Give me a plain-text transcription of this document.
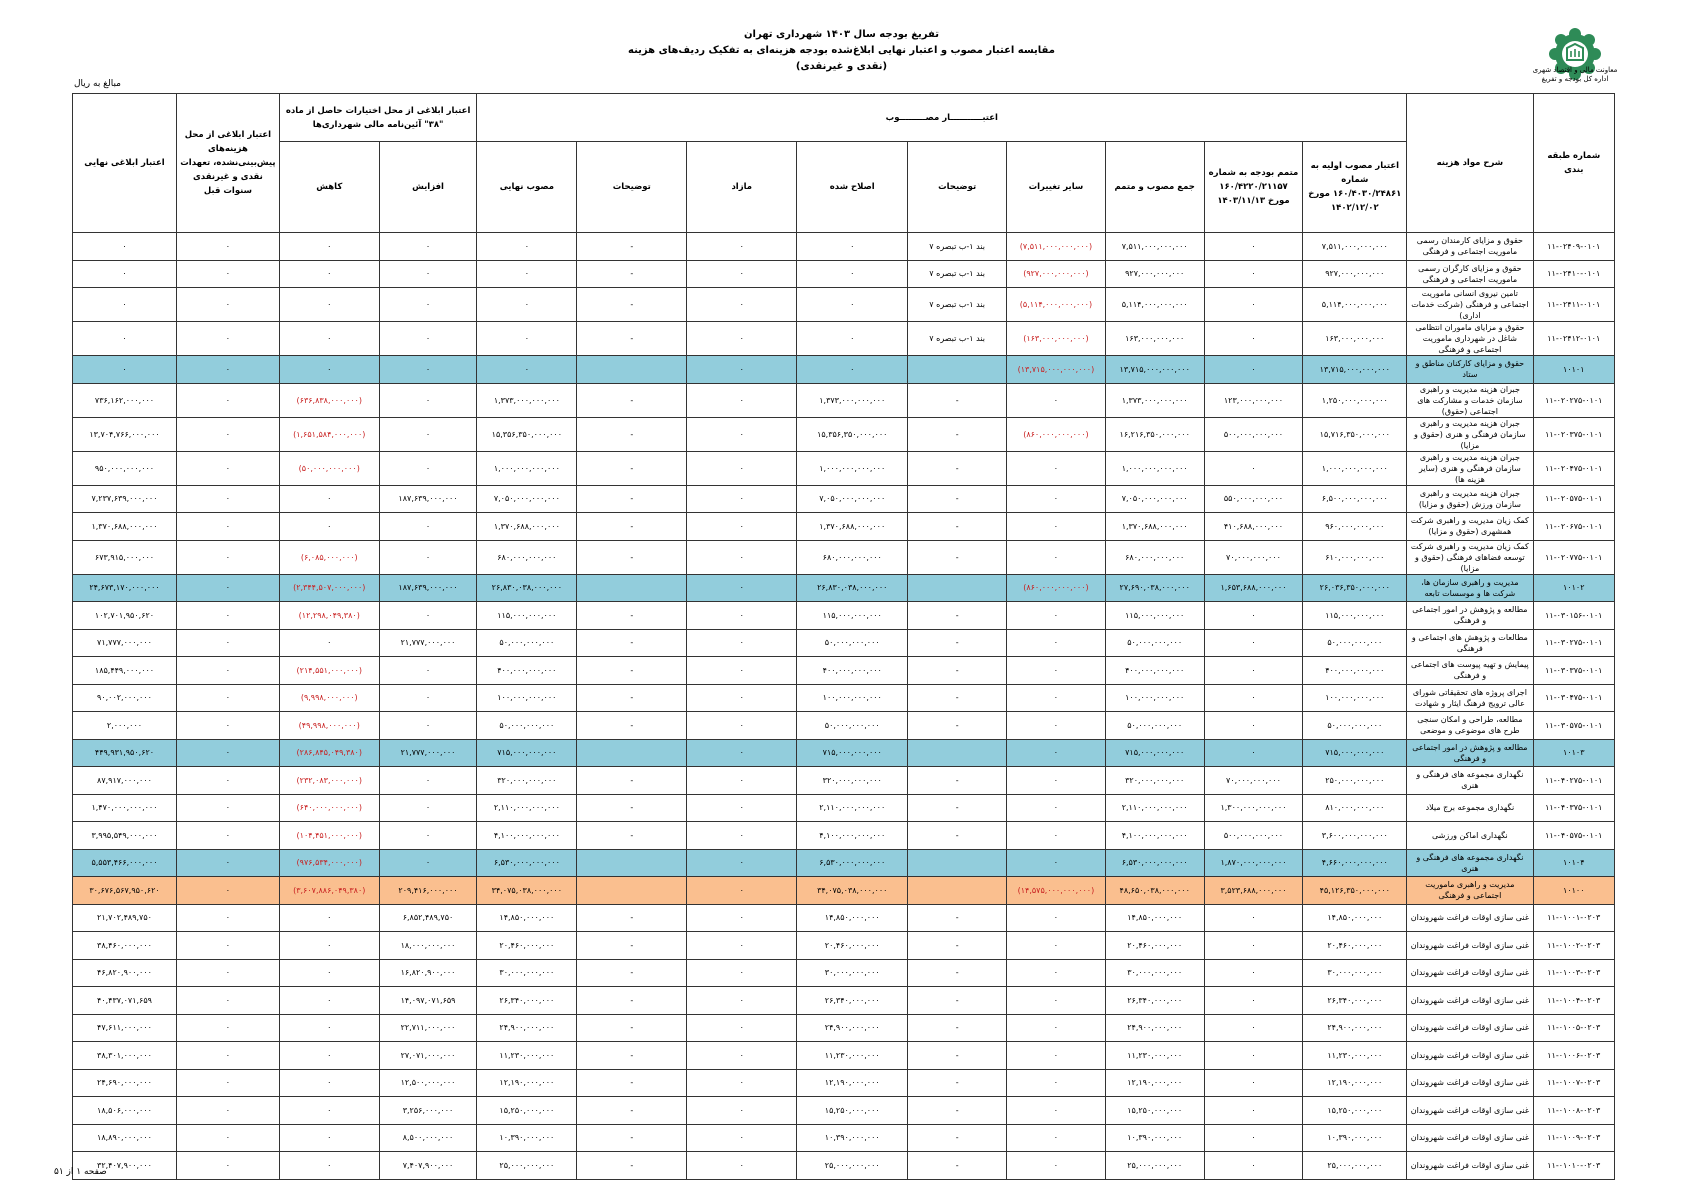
تفریغ بودجه سال ۱۴۰۳ شهرداری تهران
مقایسه اعتبار مصوب و اعتبار نهایی ابلاغ‌شده بودجه هزینه‌ای به تفکیک ردیف‌های هزینه
(نقدی و غیرنقدی)
مبالغ به ریال
معاونت مالی و اقتصاد شهری
اداره کل بودجه و تفریغ
شماره طبقه بندی	شرح مواد هزینه	اعتبـــــــــــار مصـــــــــوب									اعتبار ابلاغی از محل اختیارات حاصل از ماده "۳۸" آئین‌نامه مالی شهرداری‌ها		اعتبار ابلاغی از محل هزینه‌های پیش‌بینی‌نشده، تعهدات نقدی و غیرنقدی سنوات قبل	اعتبار ابلاغی نهایی
		اعتبار مصوب اولیه به شماره ۱۶۰/۴۰۳۰/۲۴۸۶۱ مورخ ۱۴۰۲/۱۲/۰۲	متمم بودجه به شماره ۱۶۰/۴۲۲۰/۲۱۱۵۷ مورخ ۱۴۰۳/۱۱/۱۳	جمع مصوب و متمم	سایر تغییرات	توضیحات	اصلاح شده	مازاد	توضیحات	مصوب نهایی	افزایش	کاهش		
۱۱-۰۲۴۰۹-۰۱۰۱	حقوق و مزایای کارمندان رسمی ماموریت اجتماعی و فرهنگی	۷,۵۱۱,۰۰۰,۰۰۰,۰۰۰	۰	۷,۵۱۱,۰۰۰,۰۰۰,۰۰۰	(۷,۵۱۱,۰۰۰,۰۰۰,۰۰۰)	بند ۱-ب تبصره ۷	۰	۰	-	۰	۰	۰	۰	۰
۱۱-۰۲۴۱۰-۰۱۰۱	حقوق و مزایای کارگران رسمی ماموریت اجتماعی و فرهنگی	۹۲۷,۰۰۰,۰۰۰,۰۰۰	۰	۹۲۷,۰۰۰,۰۰۰,۰۰۰	(۹۲۷,۰۰۰,۰۰۰,۰۰۰)	بند ۱-ب تبصره ۷	۰	۰	-	۰	۰	۰	۰	۰
۱۱-۰۲۴۱۱-۰۱۰۱	تامین نیروی انسانی ماموریت اجتماعی و فرهنگی (شرکت خدمات اداری)	۵,۱۱۴,۰۰۰,۰۰۰,۰۰۰	۰	۵,۱۱۴,۰۰۰,۰۰۰,۰۰۰	(۵,۱۱۴,۰۰۰,۰۰۰,۰۰۰)	بند ۱-ب تبصره ۷	۰	۰	-	۰	۰	۰	۰	۰
۱۱-۰۲۴۱۲-۰۱۰۱	حقوق و مزایای ماموران انتظامی شاغل در شهرداری ماموریت اجتماعی و فرهنگی	۱۶۳,۰۰۰,۰۰۰,۰۰۰	۰	۱۶۳,۰۰۰,۰۰۰,۰۰۰	(۱۶۳,۰۰۰,۰۰۰,۰۰۰)	بند ۱-ب تبصره ۷	۰	۰	-	۰	۰	۰	۰	۰
۱۰۱۰۱	حقوق و مزایای کارکنان مناطق و ستاد	۱۳,۷۱۵,۰۰۰,۰۰۰,۰۰۰	۰	۱۳,۷۱۵,۰۰۰,۰۰۰,۰۰۰	(۱۳,۷۱۵,۰۰۰,۰۰۰,۰۰۰)		۰	۰		۰	۰	۰	۰	۰
۱۱-۰۲۰۲۷۵-۰۱۰۱	جبران هزینه مدیریت و راهبری سازمان خدمات و مشارکت های اجتماعی (حقوق)	۱,۲۵۰,۰۰۰,۰۰۰,۰۰۰	۱۲۳,۰۰۰,۰۰۰,۰۰۰	۱,۳۷۳,۰۰۰,۰۰۰,۰۰۰	۰	-	۱,۳۷۳,۰۰۰,۰۰۰,۰۰۰	۰	-	۱,۳۷۳,۰۰۰,۰۰۰,۰۰۰	۰	(۶۳۶,۸۳۸,۰۰۰,۰۰۰)	۰	۷۳۶,۱۶۲,۰۰۰,۰۰۰
۱۱-۰۲۰۳۷۵-۰۱۰۱	جبران هزینه مدیریت و راهبری سازمان فرهنگی و هنری (حقوق و مزایا)	۱۵,۷۱۶,۳۵۰,۰۰۰,۰۰۰	۵۰۰,۰۰۰,۰۰۰,۰۰۰	۱۶,۲۱۶,۳۵۰,۰۰۰,۰۰۰	(۸۶۰,۰۰۰,۰۰۰,۰۰۰)	-	۱۵,۳۵۶,۳۵۰,۰۰۰,۰۰۰	۰	-	۱۵,۳۵۶,۳۵۰,۰۰۰,۰۰۰	۰	(۱,۶۵۱,۵۸۴,۰۰۰,۰۰۰)	۰	۱۳,۷۰۴,۷۶۶,۰۰۰,۰۰۰
۱۱-۰۲۰۴۷۵-۰۱۰۱	جبران هزینه مدیریت و راهبری سازمان فرهنگی و هنری (سایر هزینه ها)	۱,۰۰۰,۰۰۰,۰۰۰,۰۰۰	۰	۱,۰۰۰,۰۰۰,۰۰۰,۰۰۰	۰	-	۱,۰۰۰,۰۰۰,۰۰۰,۰۰۰	۰	-	۱,۰۰۰,۰۰۰,۰۰۰,۰۰۰	۰	(۵۰,۰۰۰,۰۰۰,۰۰۰)	۰	۹۵۰,۰۰۰,۰۰۰,۰۰۰
۱۱-۰۲۰۵۷۵-۰۱۰۱	جبران هزینه مدیریت و راهبری سازمان ورزش (حقوق و مزایا)	۶,۵۰۰,۰۰۰,۰۰۰,۰۰۰	۵۵۰,۰۰۰,۰۰۰,۰۰۰	۷,۰۵۰,۰۰۰,۰۰۰,۰۰۰	۰	-	۷,۰۵۰,۰۰۰,۰۰۰,۰۰۰	۰	-	۷,۰۵۰,۰۰۰,۰۰۰,۰۰۰	۱۸۷,۶۳۹,۰۰۰,۰۰۰	۰	۰	۷,۲۳۷,۶۳۹,۰۰۰,۰۰۰
۱۱-۰۲۰۶۷۵-۰۱۰۱	کمک زیان مدیریت و راهبری شرکت همشهری (حقوق و مزایا)	۹۶۰,۰۰۰,۰۰۰,۰۰۰	۴۱۰,۶۸۸,۰۰۰,۰۰۰	۱,۳۷۰,۶۸۸,۰۰۰,۰۰۰	۰	-	۱,۳۷۰,۶۸۸,۰۰۰,۰۰۰	۰	-	۱,۳۷۰,۶۸۸,۰۰۰,۰۰۰	۰	۰	۰	۱,۳۷۰,۶۸۸,۰۰۰,۰۰۰
۱۱-۰۲۰۷۷۵-۰۱۰۱	کمک زیان مدیریت و راهبری شرکت توسعه فضاهای فرهنگی (حقوق و مزایا)	۶۱۰,۰۰۰,۰۰۰,۰۰۰	۷۰,۰۰۰,۰۰۰,۰۰۰	۶۸۰,۰۰۰,۰۰۰,۰۰۰	۰	-	۶۸۰,۰۰۰,۰۰۰,۰۰۰	۰	-	۶۸۰,۰۰۰,۰۰۰,۰۰۰	۰	(۶,۰۸۵,۰۰۰,۰۰۰)	۰	۶۷۳,۹۱۵,۰۰۰,۰۰۰
۱۰۱۰۲	مدیریت و راهبری سازمان ها، شرکت ها و موسسات تابعه	۲۶,۰۳۶,۳۵۰,۰۰۰,۰۰۰	۱,۶۵۳,۶۸۸,۰۰۰,۰۰۰	۲۷,۶۹۰,۰۳۸,۰۰۰,۰۰۰	(۸۶۰,۰۰۰,۰۰۰,۰۰۰)		۲۶,۸۳۰,۰۳۸,۰۰۰,۰۰۰	۰		۲۶,۸۳۰,۰۳۸,۰۰۰,۰۰۰	۱۸۷,۶۳۹,۰۰۰,۰۰۰	(۲,۳۴۴,۵۰۷,۰۰۰,۰۰۰)	۰	۲۴,۶۷۳,۱۷۰,۰۰۰,۰۰۰
۱۱-۰۳۰۱۵۶-۰۱۰۱	مطالعه و پژوهش در امور اجتماعی و فرهنگی	۱۱۵,۰۰۰,۰۰۰,۰۰۰	۰	۱۱۵,۰۰۰,۰۰۰,۰۰۰	۰	-	۱۱۵,۰۰۰,۰۰۰,۰۰۰	۰	-	۱۱۵,۰۰۰,۰۰۰,۰۰۰	۰	(۱۲,۲۹۸,۰۴۹,۳۸۰)	۰	۱۰۲,۷۰۱,۹۵۰,۶۲۰
۱۱-۰۳۰۲۷۵-۰۱۰۱	مطالعات و پژوهش های اجتماعی و فرهنگی	۵۰,۰۰۰,۰۰۰,۰۰۰	۰	۵۰,۰۰۰,۰۰۰,۰۰۰	۰	-	۵۰,۰۰۰,۰۰۰,۰۰۰	۰	-	۵۰,۰۰۰,۰۰۰,۰۰۰	۲۱,۷۷۷,۰۰۰,۰۰۰	۰	۰	۷۱,۷۷۷,۰۰۰,۰۰۰
۱۱-۰۳۰۳۷۵-۰۱۰۱	پیمایش و تهیه پیوست های اجتماعی و فرهنگی	۴۰۰,۰۰۰,۰۰۰,۰۰۰	۰	۴۰۰,۰۰۰,۰۰۰,۰۰۰	۰	-	۴۰۰,۰۰۰,۰۰۰,۰۰۰	۰	-	۴۰۰,۰۰۰,۰۰۰,۰۰۰	۰	(۲۱۴,۵۵۱,۰۰۰,۰۰۰)	۰	۱۸۵,۴۴۹,۰۰۰,۰۰۰
۱۱-۰۳۰۴۷۵-۰۱۰۱	اجرای پروژه های تحقیقاتی شورای عالی ترویج فرهنگ ایثار و شهادت	۱۰۰,۰۰۰,۰۰۰,۰۰۰	۰	۱۰۰,۰۰۰,۰۰۰,۰۰۰	۰	-	۱۰۰,۰۰۰,۰۰۰,۰۰۰	۰	-	۱۰۰,۰۰۰,۰۰۰,۰۰۰	۰	(۹,۹۹۸,۰۰۰,۰۰۰)	۰	۹۰,۰۰۲,۰۰۰,۰۰۰
۱۱-۰۳۰۵۷۵-۰۱۰۱	مطالعه، طراحی و امکان سنجی طرح های موضوعی و موضعی	۵۰,۰۰۰,۰۰۰,۰۰۰	۰	۵۰,۰۰۰,۰۰۰,۰۰۰	۰	-	۵۰,۰۰۰,۰۰۰,۰۰۰	۰	-	۵۰,۰۰۰,۰۰۰,۰۰۰	۰	(۴۹,۹۹۸,۰۰۰,۰۰۰)	۰	۲,۰۰۰,۰۰۰
۱۰۱۰۳	مطالعه و پژوهش در امور اجتماعی و فرهنگی	۷۱۵,۰۰۰,۰۰۰,۰۰۰	۰	۷۱۵,۰۰۰,۰۰۰,۰۰۰	۰		۷۱۵,۰۰۰,۰۰۰,۰۰۰	۰		۷۱۵,۰۰۰,۰۰۰,۰۰۰	۲۱,۷۷۷,۰۰۰,۰۰۰	(۲۸۶,۸۴۵,۰۴۹,۳۸۰)	۰	۴۴۹,۹۳۱,۹۵۰,۶۲۰
۱۱-۰۴۰۲۷۵-۰۱۰۱	نگهداری مجموعه های فرهنگی و هنری	۲۵۰,۰۰۰,۰۰۰,۰۰۰	۷۰,۰۰۰,۰۰۰,۰۰۰	۳۲۰,۰۰۰,۰۰۰,۰۰۰	۰	-	۳۲۰,۰۰۰,۰۰۰,۰۰۰	۰	-	۳۲۰,۰۰۰,۰۰۰,۰۰۰	۰	(۲۳۲,۰۸۳,۰۰۰,۰۰۰)	۰	۸۷,۹۱۷,۰۰۰,۰۰۰
۱۱-۰۴۰۳۷۵-۰۱۰۱	نگهداری مجموعه برج میلاد	۸۱۰,۰۰۰,۰۰۰,۰۰۰	۱,۳۰۰,۰۰۰,۰۰۰,۰۰۰	۲,۱۱۰,۰۰۰,۰۰۰,۰۰۰	۰	-	۲,۱۱۰,۰۰۰,۰۰۰,۰۰۰	۰	-	۲,۱۱۰,۰۰۰,۰۰۰,۰۰۰	۰	(۶۴۰,۰۰۰,۰۰۰,۰۰۰)	۰	۱,۴۷۰,۰۰۰,۰۰۰,۰۰۰
۱۱-۰۴۰۵۷۵-۰۱۰۱	نگهداری اماکن ورزشی	۳,۶۰۰,۰۰۰,۰۰۰,۰۰۰	۵۰۰,۰۰۰,۰۰۰,۰۰۰	۴,۱۰۰,۰۰۰,۰۰۰,۰۰۰	۰	-	۴,۱۰۰,۰۰۰,۰۰۰,۰۰۰	۰	-	۴,۱۰۰,۰۰۰,۰۰۰,۰۰۰	۰	(۱۰۴,۴۵۱,۰۰۰,۰۰۰)	۰	۳,۹۹۵,۵۴۹,۰۰۰,۰۰۰
۱۰۱۰۴	نگهداری مجموعه های فرهنگی و هنری	۴,۶۶۰,۰۰۰,۰۰۰,۰۰۰	۱,۸۷۰,۰۰۰,۰۰۰,۰۰۰	۶,۵۳۰,۰۰۰,۰۰۰,۰۰۰	۰		۶,۵۳۰,۰۰۰,۰۰۰,۰۰۰	۰		۶,۵۳۰,۰۰۰,۰۰۰,۰۰۰	۰	(۹۷۶,۵۳۴,۰۰۰,۰۰۰)	۰	۵,۵۵۳,۴۶۶,۰۰۰,۰۰۰
۱۰۱۰۰	مدیریت و راهبری ماموریت اجتماعی و فرهنگی	۴۵,۱۲۶,۳۵۰,۰۰۰,۰۰۰	۳,۵۲۳,۶۸۸,۰۰۰,۰۰۰	۴۸,۶۵۰,۰۳۸,۰۰۰,۰۰۰	(۱۴,۵۷۵,۰۰۰,۰۰۰,۰۰۰)		۳۴,۰۷۵,۰۳۸,۰۰۰,۰۰۰	۰		۳۴,۰۷۵,۰۳۸,۰۰۰,۰۰۰	۲۰۹,۴۱۶,۰۰۰,۰۰۰	(۳,۶۰۷,۸۸۶,۰۴۹,۳۸۰)	۰	۳۰,۶۷۶,۵۶۷,۹۵۰,۶۲۰
۱۱-۰۱۰۰۱-۰۲۰۳	غنی سازی اوقات فراغت شهروندان	۱۴,۸۵۰,۰۰۰,۰۰۰	۰	۱۴,۸۵۰,۰۰۰,۰۰۰	۰	-	۱۴,۸۵۰,۰۰۰,۰۰۰	۰	-	۱۴,۸۵۰,۰۰۰,۰۰۰	۶,۸۵۲,۴۸۹,۷۵۰	۰	۰	۲۱,۷۰۲,۴۸۹,۷۵۰
۱۱-۰۱۰۰۲-۰۲۰۳	غنی سازی اوقات فراغت شهروندان	۲۰,۴۶۰,۰۰۰,۰۰۰	۰	۲۰,۴۶۰,۰۰۰,۰۰۰	۰	-	۲۰,۴۶۰,۰۰۰,۰۰۰	۰	-	۲۰,۴۶۰,۰۰۰,۰۰۰	۱۸,۰۰۰,۰۰۰,۰۰۰	۰	۰	۳۸,۴۶۰,۰۰۰,۰۰۰
۱۱-۰۱۰۰۳-۰۲۰۳	غنی سازی اوقات فراغت شهروندان	۳۰,۰۰۰,۰۰۰,۰۰۰	۰	۳۰,۰۰۰,۰۰۰,۰۰۰	۰	-	۳۰,۰۰۰,۰۰۰,۰۰۰	۰	-	۳۰,۰۰۰,۰۰۰,۰۰۰	۱۶,۸۲۰,۹۰۰,۰۰۰	۰	۰	۴۶,۸۲۰,۹۰۰,۰۰۰
۱۱-۰۱۰۰۴-۰۲۰۳	غنی سازی اوقات فراغت شهروندان	۲۶,۳۴۰,۰۰۰,۰۰۰	۰	۲۶,۳۴۰,۰۰۰,۰۰۰	۰	-	۲۶,۳۴۰,۰۰۰,۰۰۰	۰	-	۲۶,۳۴۰,۰۰۰,۰۰۰	۱۴,۰۹۷,۰۷۱,۶۵۹	۰	۰	۴۰,۴۳۷,۰۷۱,۶۵۹
۱۱-۰۱۰۰۵-۰۲۰۳	غنی سازی اوقات فراغت شهروندان	۲۴,۹۰۰,۰۰۰,۰۰۰	۰	۲۴,۹۰۰,۰۰۰,۰۰۰	۰	-	۲۴,۹۰۰,۰۰۰,۰۰۰	۰	-	۲۴,۹۰۰,۰۰۰,۰۰۰	۲۲,۷۱۱,۰۰۰,۰۰۰	۰	۰	۴۷,۶۱۱,۰۰۰,۰۰۰
۱۱-۰۱۰۰۶-۰۲۰۳	غنی سازی اوقات فراغت شهروندان	۱۱,۲۳۰,۰۰۰,۰۰۰	۰	۱۱,۲۳۰,۰۰۰,۰۰۰	۰	-	۱۱,۲۳۰,۰۰۰,۰۰۰	۰	-	۱۱,۲۳۰,۰۰۰,۰۰۰	۲۷,۰۷۱,۰۰۰,۰۰۰	۰	۰	۳۸,۳۰۱,۰۰۰,۰۰۰
۱۱-۰۱۰۰۷-۰۲۰۳	غنی سازی اوقات فراغت شهروندان	۱۲,۱۹۰,۰۰۰,۰۰۰	۰	۱۲,۱۹۰,۰۰۰,۰۰۰	۰	-	۱۲,۱۹۰,۰۰۰,۰۰۰	۰	-	۱۲,۱۹۰,۰۰۰,۰۰۰	۱۲,۵۰۰,۰۰۰,۰۰۰	۰	۰	۲۴,۶۹۰,۰۰۰,۰۰۰
۱۱-۰۱۰۰۸-۰۲۰۳	غنی سازی اوقات فراغت شهروندان	۱۵,۲۵۰,۰۰۰,۰۰۰	۰	۱۵,۲۵۰,۰۰۰,۰۰۰	۰	-	۱۵,۲۵۰,۰۰۰,۰۰۰	۰	-	۱۵,۲۵۰,۰۰۰,۰۰۰	۳,۲۵۶,۰۰۰,۰۰۰	۰	۰	۱۸,۵۰۶,۰۰۰,۰۰۰
۱۱-۰۱۰۰۹-۰۲۰۳	غنی سازی اوقات فراغت شهروندان	۱۰,۳۹۰,۰۰۰,۰۰۰	۰	۱۰,۳۹۰,۰۰۰,۰۰۰	۰	-	۱۰,۳۹۰,۰۰۰,۰۰۰	۰	-	۱۰,۳۹۰,۰۰۰,۰۰۰	۸,۵۰۰,۰۰۰,۰۰۰	۰	۰	۱۸,۸۹۰,۰۰۰,۰۰۰
۱۱-۰۱۰۱۰-۰۲۰۳	غنی سازی اوقات فراغت شهروندان	۲۵,۰۰۰,۰۰۰,۰۰۰	۰	۲۵,۰۰۰,۰۰۰,۰۰۰	۰	-	۲۵,۰۰۰,۰۰۰,۰۰۰	۰	-	۲۵,۰۰۰,۰۰۰,۰۰۰	۷,۴۰۷,۹۰۰,۰۰۰	۰	۰	۳۲,۴۰۷,۹۰۰,۰۰۰
صفحه ۱ از ۵۱
